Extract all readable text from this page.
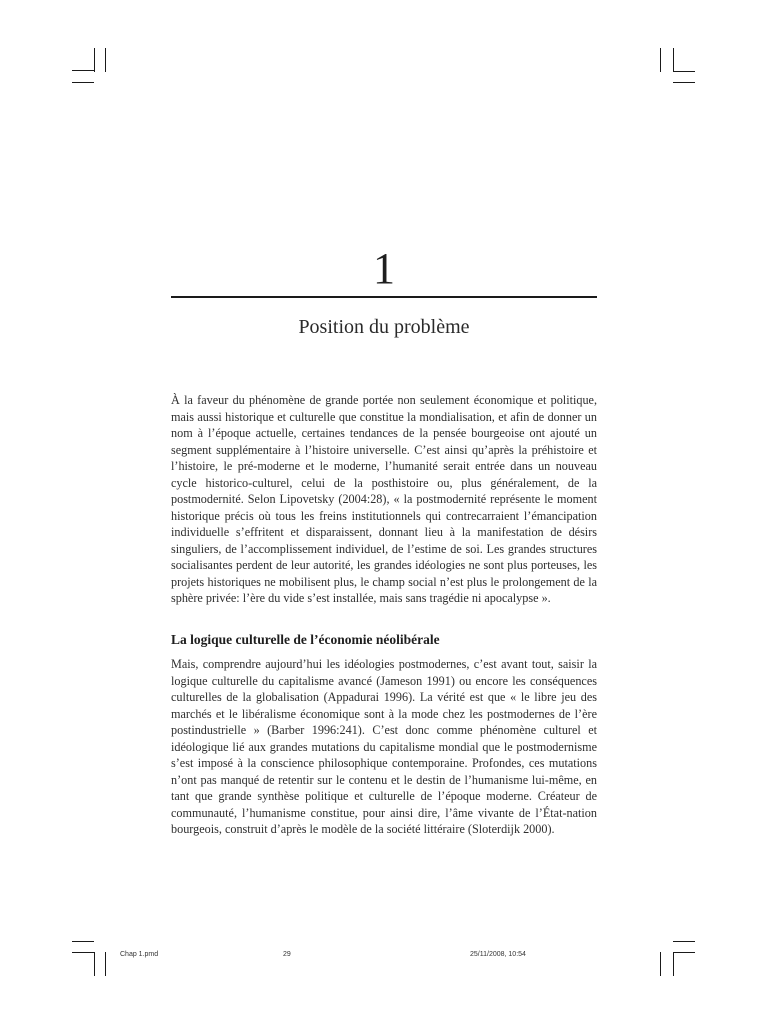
1
Position du problème

À la faveur du phénomène de grande portée non seulement économique et politique, mais aussi historique et culturelle que constitue la mondialisation, et afin de donner un nom à l’époque actuelle, certaines tendances de la pensée bourgeoise ont ajouté un segment supplémentaire à l’histoire universelle. C’est ainsi qu’après la préhistoire et l’histoire, le pré-moderne et le moderne, l’humanité serait entrée dans un nouveau cycle historico-culturel, celui de la posthistoire ou, plus généralement, de la postmodernité. Selon Lipovetsky (2004:28), « la postmodernité représente le moment historique précis où tous les freins institutionnels qui contrecarraient l’émancipation individuelle s’effritent et disparaissent, donnant lieu à la manifestation de désirs singuliers, de l’accomplissement individuel, de l’estime de soi. Les grandes structures socialisantes perdent de leur autorité, les grandes idéologies ne sont plus porteuses, les projets historiques ne mobilisent plus, le champ social n’est plus le prolongement de la sphère privée: l’ère du vide s’est installée, mais sans tragédie ni apocalypse ».

La logique culturelle de l’économie néolibérale

Mais, comprendre aujourd’hui les idéologies postmodernes, c’est avant tout, saisir la logique culturelle du capitalisme avancé (Jameson 1991) ou encore les conséquences culturelles de la globalisation (Appadurai 1996). La vérité est que « le libre jeu des marchés et le libéralisme économique sont à la mode chez les postmodernes de l’ère postindustrielle » (Barber 1996:241). C’est donc comme phénomène culturel et idéologique lié aux grandes mutations du capitalisme mondial que le postmodernisme s’est imposé à la conscience philosophique contemporaine. Profondes, ces mutations n’ont pas manqué de retentir sur le contenu et le destin de l’humanisme lui-même, en tant que grande synthèse politique et culturelle de l’époque moderne. Créateur de communauté, l’humanisme constitue, pour ainsi dire, l’âme vivante de l’État-nation bourgeois, construit d’après le modèle de la société littéraire (Sloterdijk 2000).

Chap 1.pmd	29	25/11/2008, 10:54
